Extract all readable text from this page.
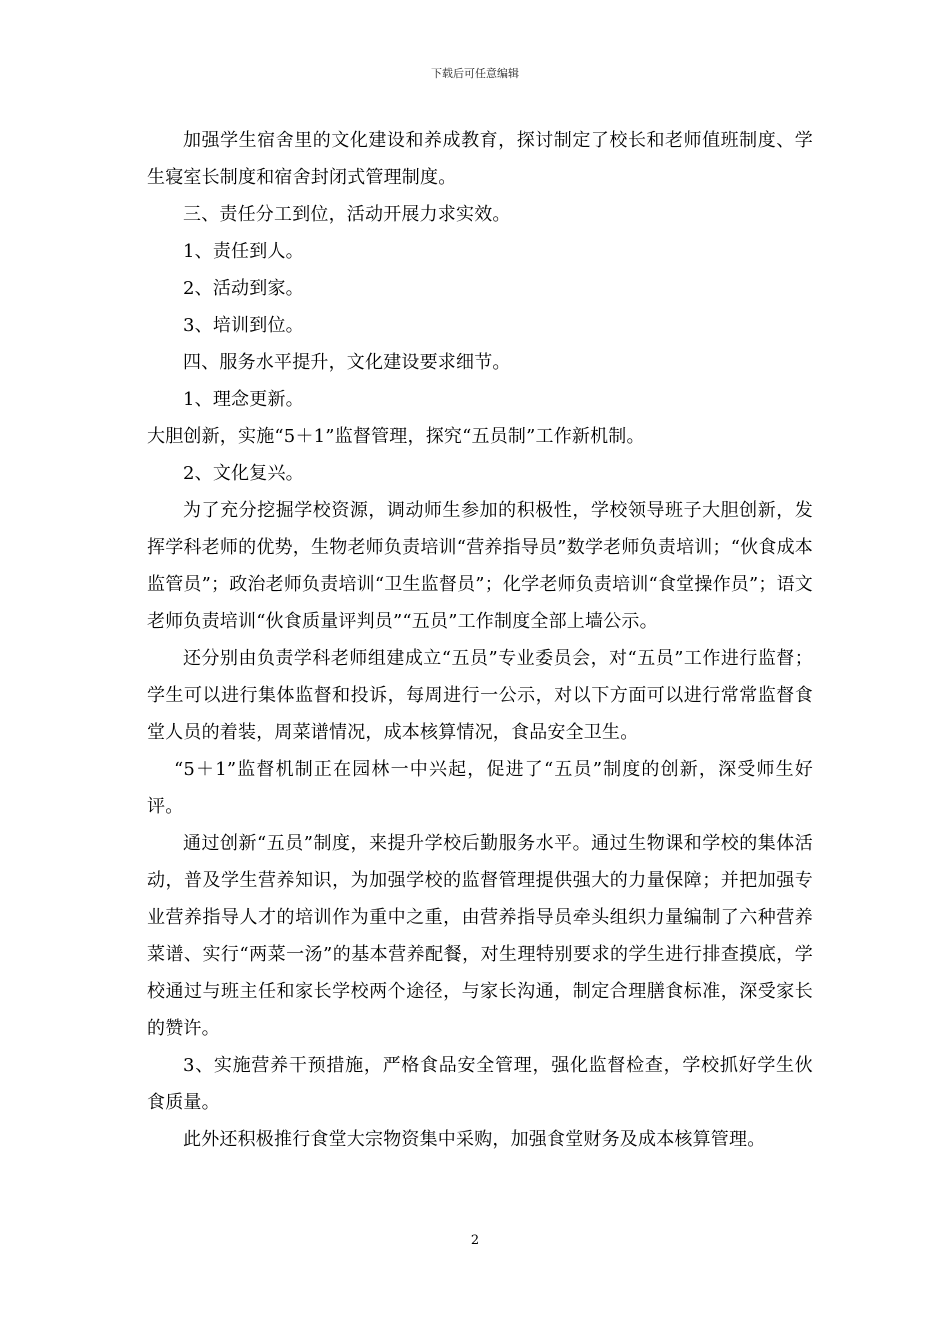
下载后可任意编辑

加强学生宿舍里的文化建设和养成教育，探讨制定了校长和老师值班制度、学生寝室长制度和宿舍封闭式管理制度。

三、责任分工到位，活动开展力求实效。

1、责任到人。

2、活动到家。

3、培训到位。

四、服务水平提升，文化建设要求细节。

1、理念更新。

大胆创新，实施“5＋1”监督管理，探究“五员制”工作新机制。

2、文化复兴。

为了充分挖掘学校资源，调动师生参加的积极性，学校领导班子大胆创新，发挥学科老师的优势，生物老师负责培训“营养指导员”数学老师负责培训；“伙食成本监管员”；政治老师负责培训“卫生监督员”；化学老师负责培训“食堂操作员”；语文老师负责培训“伙食质量评判员”“五员”工作制度全部上墙公示。

还分别由负责学科老师组建成立“五员”专业委员会，对“五员”工作进行监督；学生可以进行集体监督和投诉，每周进行一公示，对以下方面可以进行常常监督食堂人员的着装，周菜谱情况，成本核算情况，食品安全卫生。

“5＋1”监督机制正在园林一中兴起，促进了“五员”制度的创新，深受师生好评。

通过创新“五员”制度，来提升学校后勤服务水平。通过生物课和学校的集体活动，普及学生营养知识，为加强学校的监督管理提供强大的力量保障；并把加强专业营养指导人才的培训作为重中之重，由营养指导员牵头组织力量编制了六种营养菜谱、实行“两菜一汤”的基本营养配餐，对生理特别要求的学生进行排查摸底，学校通过与班主任和家长学校两个途径，与家长沟通，制定合理膳食标准，深受家长的赞许。

3、实施营养干预措施，严格食品安全管理，强化监督检查，学校抓好学生伙食质量。

此外还积极推行食堂大宗物资集中采购，加强食堂财务及成本核算管理。

2
